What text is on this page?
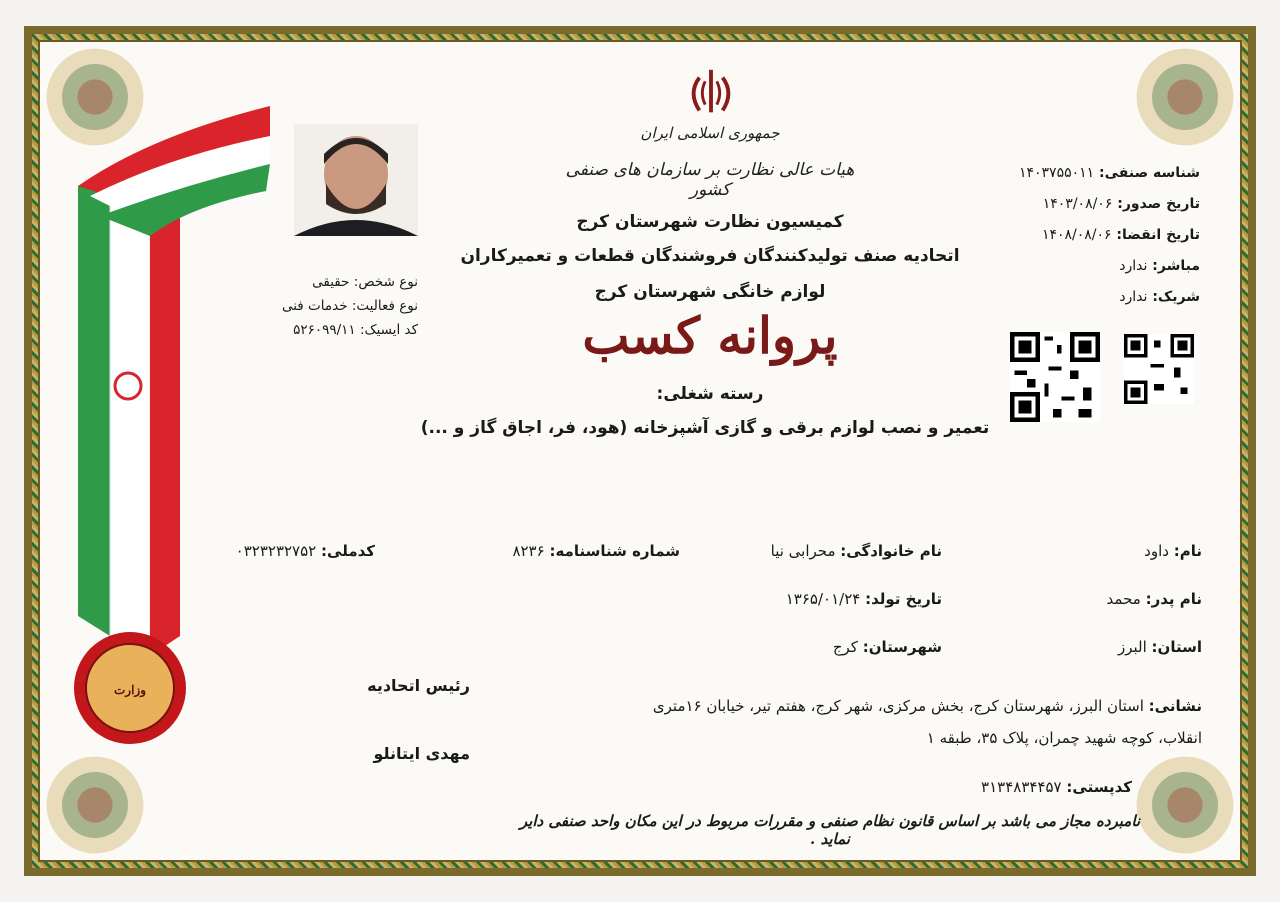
وزارت
جمهوری اسلامی ایران
هیات عالی نظارت بر سازمان های صنفی کشور
کمیسیون نظارت شهرستان کرج
اتحادیه صنف تولیدکنندگان فروشندگان قطعات و تعمیرکاران
لوازم خانگی شهرستان کرج
پروانه کسب
رسته شغلی:
تعمیر و نصب لوازم برقی و گازی آشپزخانه (هود، فر، اجاق گاز و ...)
شناسه صنفی: ۱۴۰۳۷۵۵۰۱۱
تاریخ صدور: ۱۴۰۳/۰۸/۰۶
تاریخ انقضا: ۱۴۰۸/۰۸/۰۶
مباشر: ندارد
شریک: ندارد
نوع شخص: حقیقی
نوع فعالیت: خدمات فنی
کد ایسیک: ۵۲۶۰۹۹/۱۱
نام: داود
نام خانوادگی: محرابی نیا
شماره شناسنامه: ۸۲۳۶
کدملی: ۰۳۲۳۲۳۲۷۵۲
نام پدر: محمد
تاریخ تولد: ۱۳۶۵/۰۱/۲۴
استان: البرز
شهرستان: کرج
نشانی: استان البرز، شهرستان کرج، بخش مرکزی، شهر کرج، هفتم تیر، خیابان ۱۶متری
انقلاب، کوچه شهید چمران، پلاک ۳۵، طبقه ۱
کدپستی: ۳۱۳۴۸۳۴۴۵۷
رئیس اتحادیه
مهدی ایتانلو
نامبرده مجاز می باشد بر اساس قانون نظام صنفی و مقررات مربوط در این مکان واحد صنفی دایر نماید .
